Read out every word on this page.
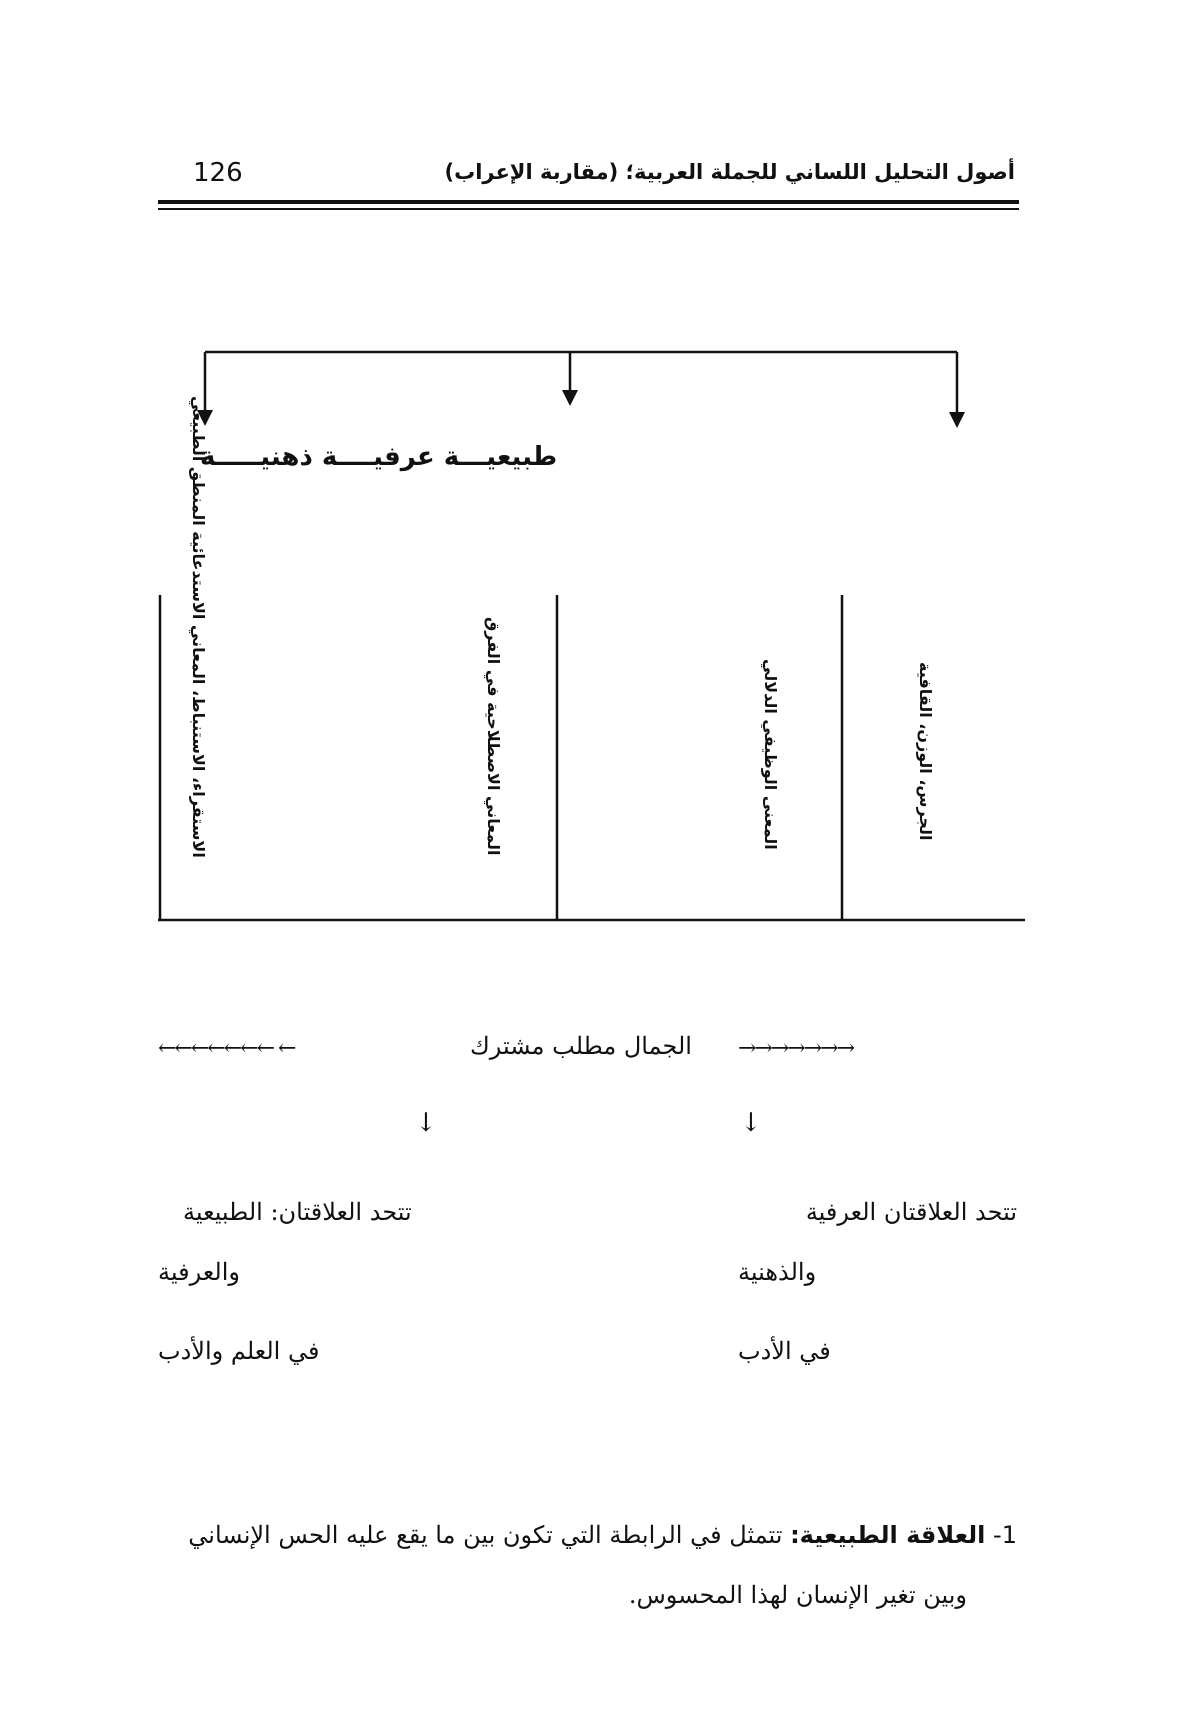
أصول التحليل اللساني للجملة العربية؛ (مقاربة الإعراب)
126
طبيعيـــة عرفيــــة ذهنيـــــة
الجرس، الوزن، القافية
المعنى الوظيفي الدلالي
المعاني الاصطلاحية في الفرق
الاستقراء، الاستنباط، المعاني الاستدعائية المنطق الطبيعي
←←←←←←← ←	الجمال مطلب مشترك →→→→→→→
↓	↓
تتحد العلاقتان العرفية
والذهنية
في الأدب
تتحد العلاقتان: الطبيعية
والعرفية
في العلم والأدب
1- العلاقة الطبيعية: تتمثل في الرابطة التي تكون بين ما يقع عليه الحس الإنساني
وبين تغير الإنسان لهذا المحسوس.
